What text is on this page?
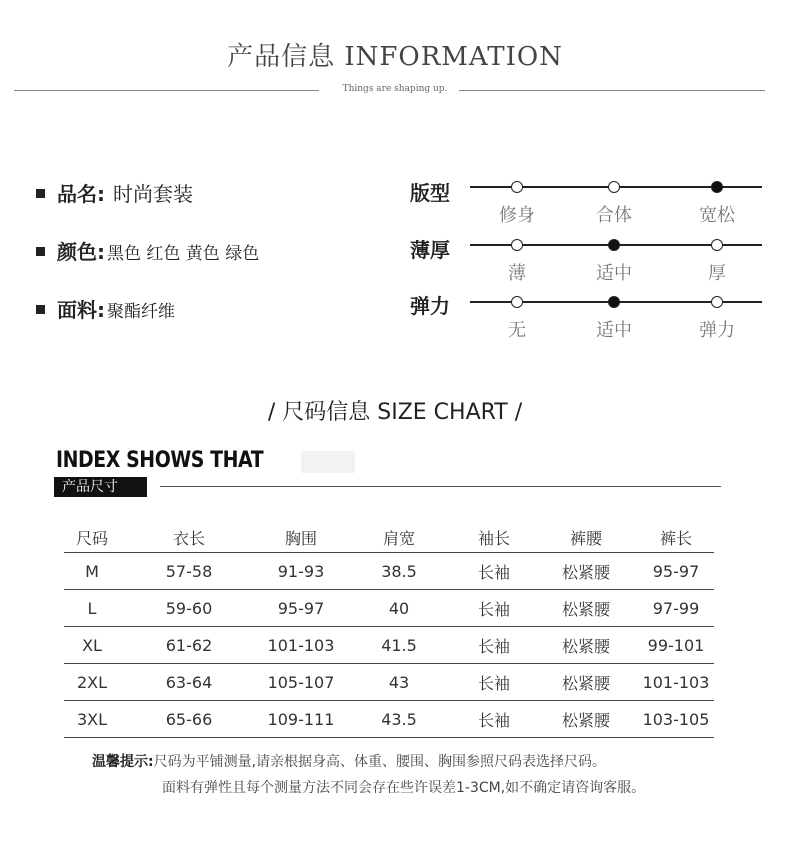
产品信息 INFORMATION
Things are shaping up.
品名: 时尚套装
颜色: 黑色 红色 黄色 绿色
面料: 聚酯纤维
版型
修身	合体	宽松
薄厚
薄	适中	厚
弹力
无	适中	弹力
/ 尺码信息 SIZE CHART /
INDEX SHOWS THAT
产品尺寸
尺码	衣长	胸围	肩宽	袖长	裤腰	裤长
M	57-58	91-93	38.5	长袖	松紧腰	95-97
L	59-60	95-97	40	长袖	松紧腰	97-99
XL	61-62	101-103	41.5	长袖	松紧腰	99-101
2XL	63-64	105-107	43	长袖	松紧腰	101-103
3XL	65-66	109-111	43.5	长袖	松紧腰	103-105
温馨提示:尺码为平铺测量,请亲根据身高、体重、腰围、胸围参照尺码表选择尺码。
面料有弹性且每个测量方法不同会存在些许误差1-3CM,如不确定请咨询客服。
